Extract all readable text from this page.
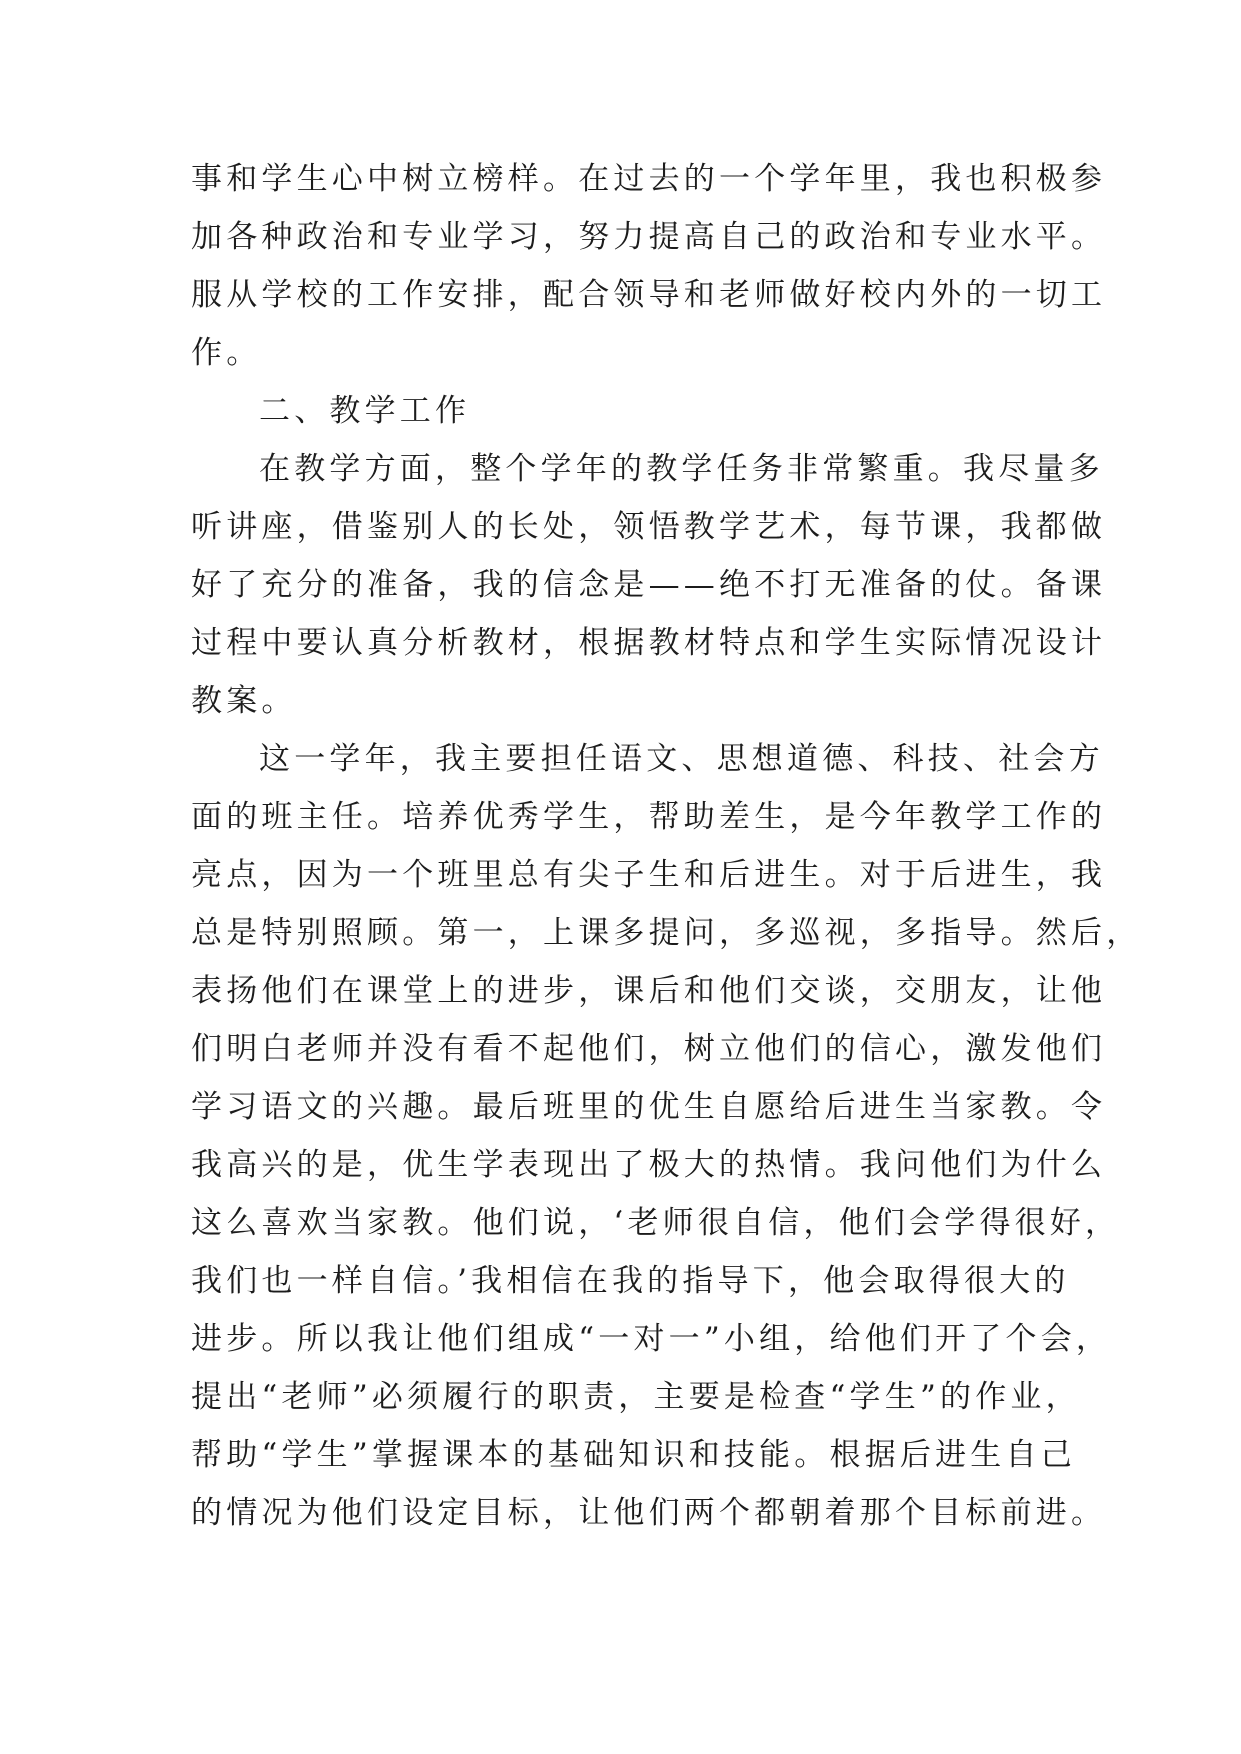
事和学生心中树立榜样。在过去的一个学年里，我也积极参
加各种政治和专业学习，努力提高自己的政治和专业水平。
服从学校的工作安排，配合领导和老师做好校内外的一切工
作。
二、教学工作
在教学方面，整个学年的教学任务非常繁重。我尽量多
听讲座，借鉴别人的长处，领悟教学艺术，每节课，我都做
好了充分的准备，我的信念是——绝不打无准备的仗。备课
过程中要认真分析教材，根据教材特点和学生实际情况设计
教案。
这一学年，我主要担任语文、思想道德、科技、社会方
面的班主任。培养优秀学生，帮助差生，是今年教学工作的
亮点，因为一个班里总有尖子生和后进生。对于后进生，我
总是特别照顾。第一，上课多提问，多巡视，多指导。然后，
表扬他们在课堂上的进步，课后和他们交谈，交朋友，让他
们明白老师并没有看不起他们，树立他们的信心，激发他们
学习语文的兴趣。最后班里的优生自愿给后进生当家教。令
我高兴的是，优生学表现出了极大的热情。我问他们为什么
这么喜欢当家教。他们说，‘老师很自信，他们会学得很好，
我们也一样自信。’我相信在我的指导下，他会取得很大的
进步。所以我让他们组成“一对一”小组，给他们开了个会，
提出“老师”必须履行的职责，主要是检查“学生”的作业，
帮助“学生”掌握课本的基础知识和技能。根据后进生自己
的情况为他们设定目标，让他们两个都朝着那个目标前进。
